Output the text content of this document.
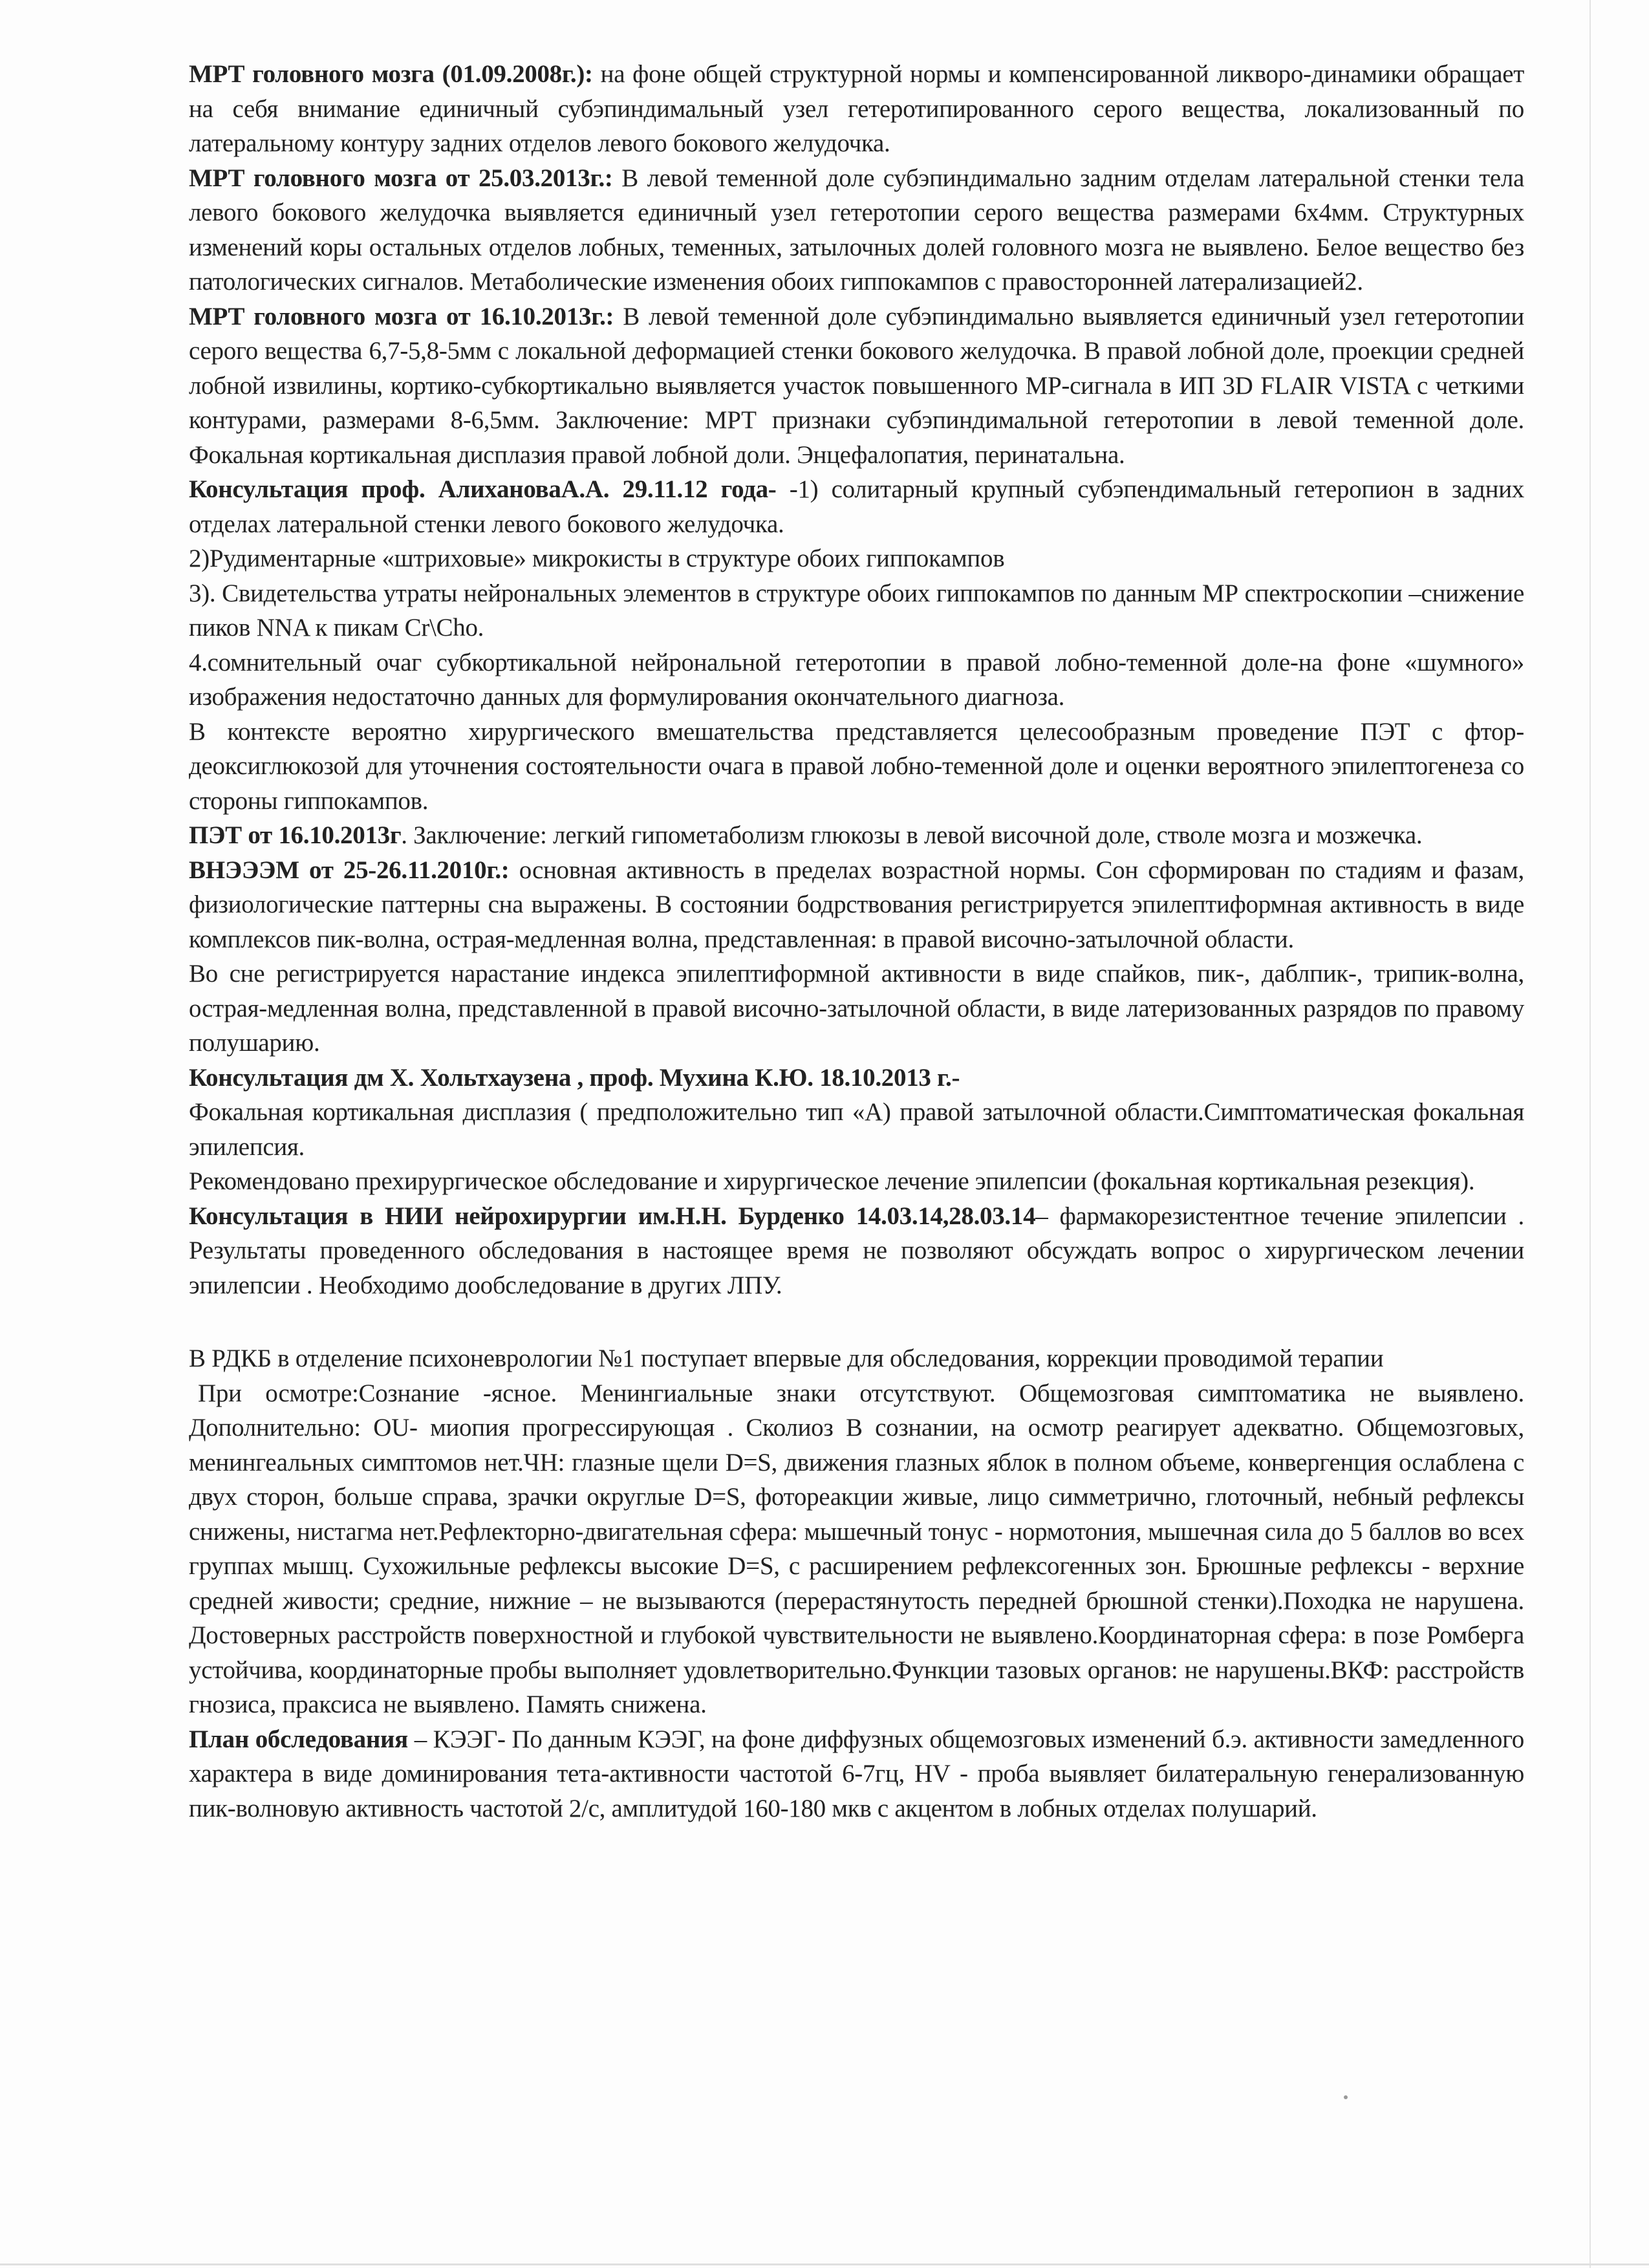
МРТ головного мозга (01.09.2008г.): на фоне общей структурной нормы и компенсированной ликворо-динамики обращает на себя внимание единичный субэпиндимальный узел гетеротипированного серого вещества, локализованный по латеральному контуру задних отделов левого бокового желудочка.

МРТ головного мозга от 25.03.2013г.: В левой теменной доле субэпиндимально задним отделам латеральной стенки тела левого бокового желудочка выявляется единичный узел гетеротопии серого вещества размерами 6х4мм. Структурных изменений коры остальных отделов лобных, теменных, затылочных долей головного мозга не выявлено. Белое вещество без патологических сигналов. Метаболические изменения обоих гиппокампов с правосторонней латерализацией2.

МРТ головного мозга от 16.10.2013г.: В левой теменной доле субэпиндимально выявляется единичный узел гетеротопии серого вещества 6,7-5,8-5мм с локальной деформацией стенки бокового желудочка. В правой лобной доле, проекции средней лобной извилины, кортико-субкортикально выявляется участок повышенного МР-сигнала в ИП 3D FLAIR VISTA с четкими контурами, размерами 8-6,5мм. Заключение: МРТ признаки субэпиндимальной гетеротопии в левой теменной доле. Фокальная кортикальная дисплазия правой лобной доли. Энцефалопатия, перинатальна.

Консультация проф. АлихановаА.А. 29.11.12 года- -1) солитарный крупный субэпендимальный гетеропион в задних отделах латеральной стенки левого бокового желудочка.

2)Рудиментарные «штриховые» микрокисты в структуре обоих гиппокампов

3). Свидетельства утраты нейрональных элементов в структуре обоих гиппокампов по данным МР спектроскопии –снижение пиков NNA к пикам Cr\Cho.

4.сомнительный очаг субкортикальной нейрональной гетеротопии в правой лобно-теменной доле-на фоне «шумного» изображения недостаточно данных для формулирования окончательного диагноза.

В контексте вероятно хирургического вмешательства представляется целесообразным проведение ПЭТ с фтор-деоксиглюкозой для уточнения состоятельности очага в правой лобно-теменной доле и оценки вероятного эпилептогенеза со стороны гиппокампов.

ПЭТ от 16.10.2013г. Заключение: легкий гипометаболизм глюкозы в левой височной доле, стволе мозга и мозжечка.

ВНЭЭЭМ от 25-26.11.2010г.: основная активность в пределах возрастной нормы. Сон сформирован по стадиям и фазам, физиологические паттерны сна выражены. В состоянии бодрствования регистрируется эпилептиформная активность в виде комплексов пик-волна, острая-медленная волна, представленная: в правой височно-затылочной области.

Во сне регистрируется нарастание индекса эпилептиформной активности в виде спайков, пик-, даблпик-, трипик-волна, острая-медленная волна, представленной в правой височно-затылочной области, в виде латеризованных разрядов по правому полушарию.

Консультация дм Х. Хольтхаузена , проф. Мухина К.Ю. 18.10.2013 г.-

Фокальная кортикальная дисплазия ( предположительно тип «А) правой затылочной области.Симптоматическая фокальная эпилепсия.

Рекомендовано прехирургическое обследование и хирургическое лечение эпилепсии (фокальная кортикальная резекция).

Консультация в НИИ нейрохирургии им.Н.Н. Бурденко 14.03.14,28.03.14– фармакорезистентное течение эпилепсии . Результаты проведенного обследования в настоящее время не позволяют обсуждать вопрос о хирургическом лечении эпилепсии . Необходимо дообследование в других ЛПУ.

В РДКБ в отделение психоневрологии №1 поступает впервые для обследования, коррекции проводимой терапии

При осмотре:Сознание -ясное. Менингиальные знаки отсутствуют. Общемозговая симптоматика не выявлено. Дополнительно: OU- миопия прогрессирующая . Сколиоз В сознании, на осмотр реагирует адекватно. Общемозговых, менингеальных симптомов нет.ЧН: глазные щели D=S, движения глазных яблок в полном объеме, конвергенция ослаблена с двух сторон, больше справа, зрачки округлые D=S, фотореакции живые, лицо симметрично, глоточный, небный рефлексы снижены, нистагма нет.Рефлекторно-двигательная сфера: мышечный тонус - нормотония, мышечная сила до 5 баллов во всех группах мышц. Сухожильные рефлексы высокие D=S, с расширением рефлексогенных зон. Брюшные рефлексы - верхние средней живости; средние, нижние – не вызываются (перерастянутость передней брюшной стенки).Походка не нарушена. Достоверных расстройств поверхностной и глубокой чувствительности не выявлено.Координаторная сфера: в позе Ромберга устойчива, координаторные пробы выполняет удовлетворительно.Функции тазовых органов: не нарушены.ВКФ: расстройств гнозиса, праксиса не выявлено. Память снижена.

План обследования – КЭЭГ- По данным КЭЭГ, на фоне диффузных общемозговых изменений б.э. активности замедленного характера в виде доминирования тета-активности частотой 6-7гц, HV - проба выявляет билатеральную генерализованную пик-волновую активность частотой 2/с, амплитудой 160-180 мкв с акцентом в лобных отделах полушарий.
